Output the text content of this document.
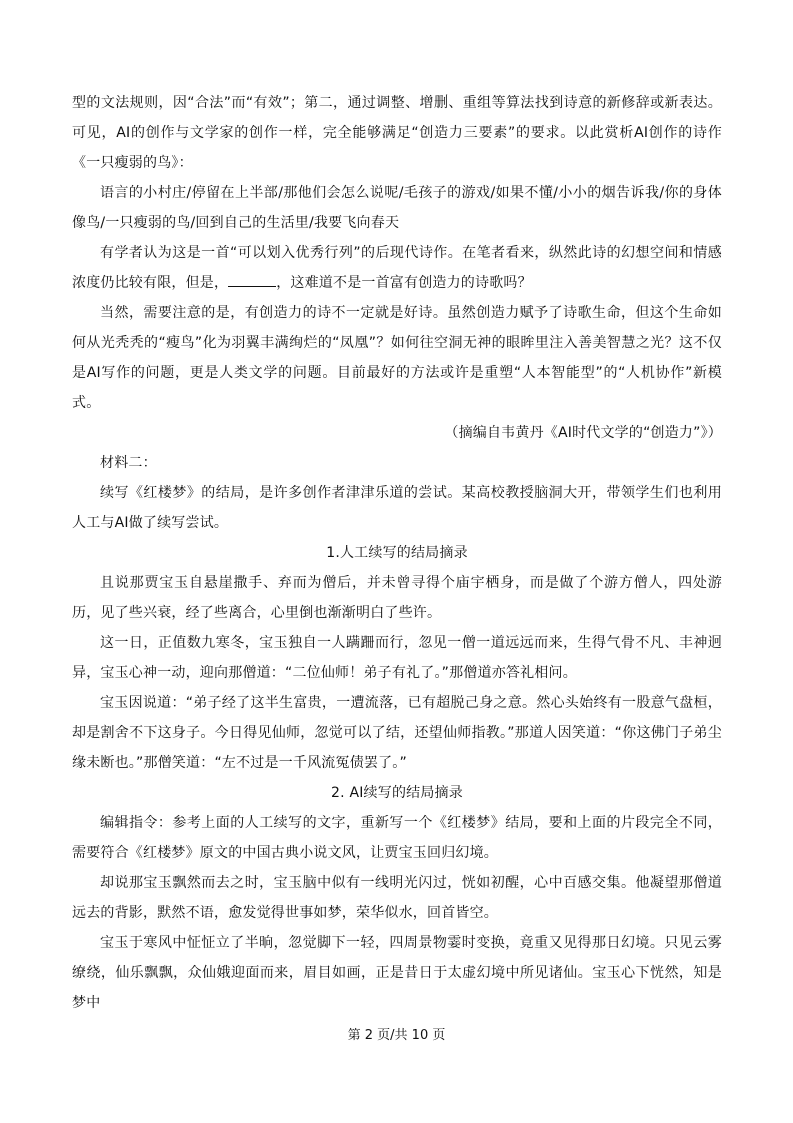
型的文法规则，因“合法”而“有效”；第二，通过调整、增删、重组等算法找到诗意的新修辞或新表达。可见，AI的创作与文学家的创作一样，完全能够满足“创造力三要素”的要求。以此赏析AI创作的诗作《一只瘦弱的鸟》：

语言的小村庄/停留在上半部/那他们会怎么说呢/毛孩子的游戏/如果不懂/小小的烟告诉我/你的身体像鸟/一只瘦弱的鸟/回到自己的生活里/我要飞向春天

有学者认为这是一首“可以划入优秀行列”的后现代诗作。在笔者看来，纵然此诗的幻想空间和情感浓度仍比较有限，但是，	，这难道不是一首富有创造力的诗歌吗？

当然，需要注意的是，有创造力的诗不一定就是好诗。虽然创造力赋予了诗歌生命，但这个生命如何从光秃秃的“瘦鸟”化为羽翼丰满绚烂的“凤凰”？如何往空洞无神的眼眸里注入善美智慧之光？这不仅是AI写作的问题，更是人类文学的问题。目前最好的方法或许是重塑“人本智能型”的“人机协作”新模式。

（摘编自韦黄丹《AI时代文学的“创造力”》）

材料二：

续写《红楼梦》的结局，是许多创作者津津乐道的尝试。某高校教授脑洞大开，带领学生们也利用人工与AI做了续写尝试。

1.人工续写的结局摘录

且说那贾宝玉自悬崖撒手、弃而为僧后，并未曾寻得个庙宇栖身，而是做了个游方僧人，四处游历，见了些兴衰，经了些离合，心里倒也渐渐明白了些许。

这一日，正值数九寒冬，宝玉独自一人蹒跚而行，忽见一僧一道远远而来，生得气骨不凡、丰神迥异，宝玉心神一动，迎向那僧道：“二位仙师！弟子有礼了。”那僧道亦答礼相问。

宝玉因说道：“弟子经了这半生富贵，一遭流落，已有超脱己身之意。然心头始终有一股意气盘桓，却是割舍不下这身子。今日得见仙师，忽觉可以了结，还望仙师指教。”那道人因笑道：“你这佛门子弟尘缘未断也。”那僧笑道：“左不过是一千风流冤债罢了。”

2. AI续写的结局摘录

编辑指令：参考上面的人工续写的文字，重新写一个《红楼梦》结局，要和上面的片段完全不同，需要符合《红楼梦》原文的中国古典小说文风，让贾宝玉回归幻境。

却说那宝玉飘然而去之时，宝玉脑中似有一线明光闪过，恍如初醒，心中百感交集。他凝望那僧道远去的背影，默然不语，愈发觉得世事如梦，荣华似水，回首皆空。

宝玉于寒风中怔怔立了半晌，忽觉脚下一轻，四周景物霎时变换，竟重又见得那日幻境。只见云雾缭绕，仙乐飘飘，众仙娥迎面而来，眉目如画，正是昔日于太虚幻境中所见诸仙。宝玉心下恍然，知是梦中

第 2 页/共 10 页
